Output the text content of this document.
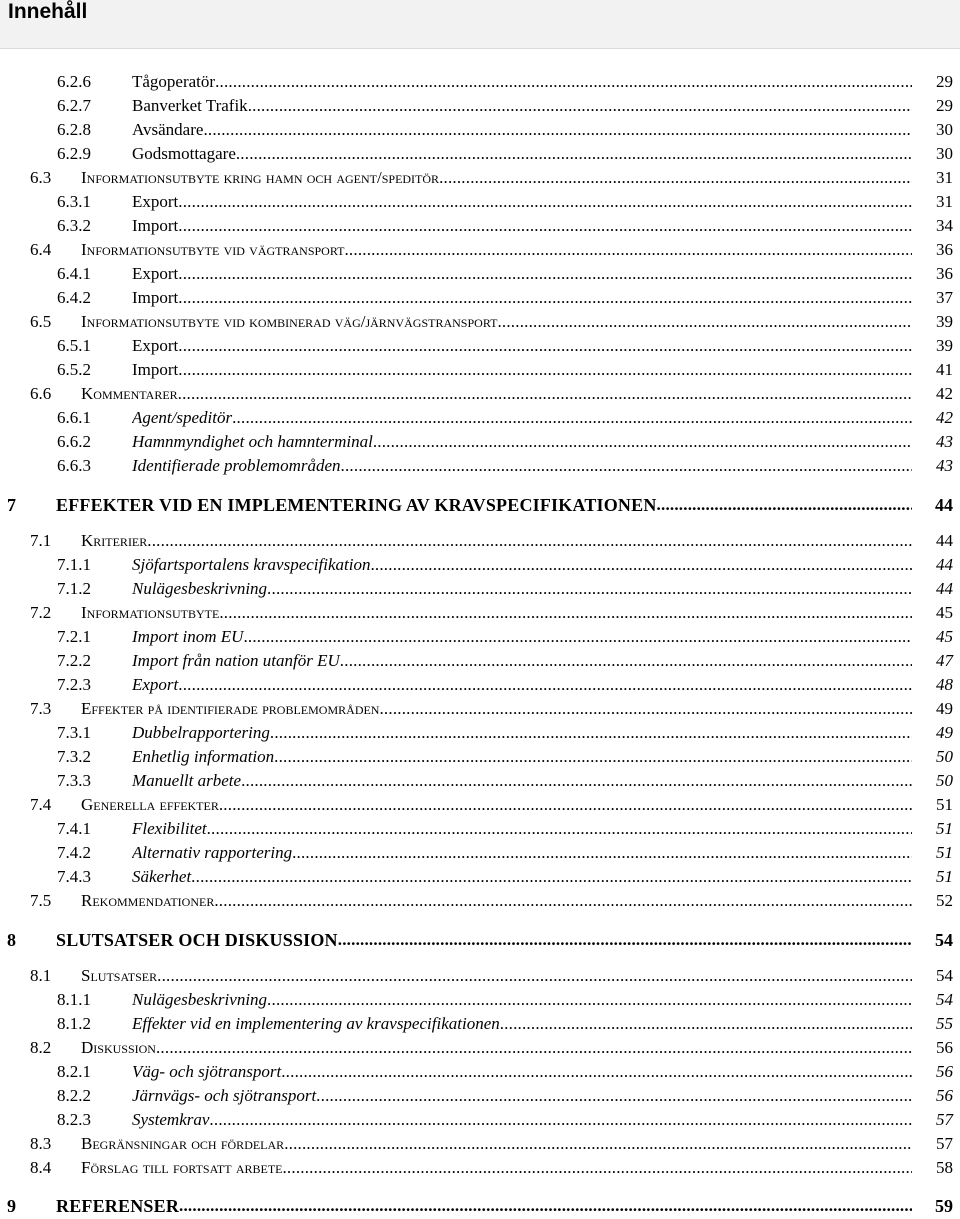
Innehåll
6.2.6	Tågoperatör .....	29
6.2.7	Banverket Trafik .....	29
6.2.8	Avsändare .....	30
6.2.9	Godsmottagare .....	30
6.3	Informationsutbyte kring hamn och agent/speditör .....	31
6.3.1	Export .....	31
6.3.2	Import .....	34
6.4	Informationsutbyte vid vägtransport .....	36
6.4.1	Export .....	36
6.4.2	Import .....	37
6.5	Informationsutbyte vid kombinerad väg/järnvägstransport .....	39
6.5.1	Export .....	39
6.5.2	Import .....	41
6.6	Kommentarer .....	42
6.6.1	Agent/speditör .....	42
6.6.2	Hamnmyndighet och hamnterminal .....	43
6.6.3	Identifierade problemområden .....	43
7	EFFEKTER VID EN IMPLEMENTERING AV KRAVSPECIFIKATIONEN .....	44
7.1	Kriterier .....	44
7.1.1	Sjöfartsportalens kravspecifikation .....	44
7.1.2	Nulägesbeskrivning .....	44
7.2	Informationsutbyte .....	45
7.2.1	Import inom EU .....	45
7.2.2	Import från nation utanför EU .....	47
7.2.3	Export .....	48
7.3	Effekter på identifierade problemområden .....	49
7.3.1	Dubbelrapportering .....	49
7.3.2	Enhetlig information .....	50
7.3.3	Manuellt arbete .....	50
7.4	Generella effekter .....	51
7.4.1	Flexibilitet .....	51
7.4.2	Alternativ rapportering .....	51
7.4.3	Säkerhet .....	51
7.5	Rekommendationer .....	52
8	SLUTSATSER OCH DISKUSSION .....	54
8.1	Slutsatser .....	54
8.1.1	Nulägesbeskrivning .....	54
8.1.2	Effekter vid en implementering av kravspecifikationen .....	55
8.2	Diskussion .....	56
8.2.1	Väg- och sjötransport .....	56
8.2.2	Järnvägs- och sjötransport .....	56
8.2.3	Systemkrav .....	57
8.3	Begränsningar och fördelar .....	57
8.4	Förslag till fortsatt arbete .....	58
9	REFERENSER .....	59
